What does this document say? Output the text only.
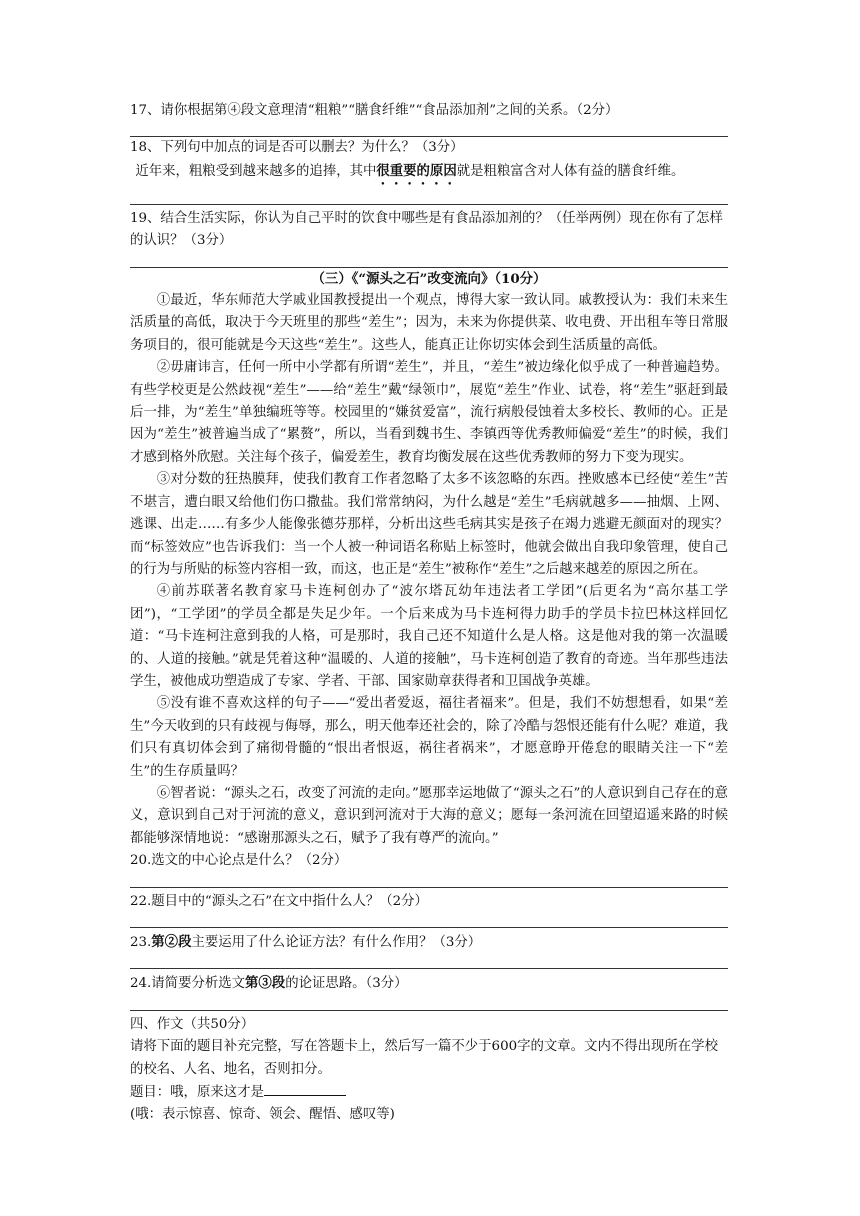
17、请你根据第④段文意理清“粗粮”“膳食纤维”“食品添加剂”之间的关系。（2分）

18、下列句中加点的词是否可以删去？为什么？（3分）

近年来，粗粮受到越来越多的追捧，其中很重要的原因就是粗粮富含对人体有益的膳食纤维。

19、结合生活实际，你认为自己平时的饮食中哪些是有食品添加剂的？（任举两例）现在你有了怎样的认识？（3分）

（三）《“源头之石”改变流向》（10分）

①最近，华东师范大学戚业国教授提出一个观点，博得大家一致认同。戚教授认为：我们未来生活质量的高低，取决于今天班里的那些“差生”；因为，未来为你提供菜、收电费、开出租车等日常服务项目的，很可能就是今天这些“差生”。这些人，能真正让你切实体会到生活质量的高低。

②毋庸讳言，任何一所中小学都有所谓“差生”，并且，“差生”被边缘化似乎成了一种普遍趋势。有些学校更是公然歧视“差生”——给“差生”戴“绿领巾”，展览“差生”作业、试卷，将“差生”驱赶到最后一排，为“差生”单独编班等等。校园里的“嫌贫爱富”，流行病般侵蚀着太多校长、教师的心。正是因为“差生”被普遍当成了“累赘”，所以，当看到魏书生、李镇西等优秀教师偏爱“差生”的时候，我们才感到格外欣慰。关注每个孩子，偏爱差生，教育均衡发展在这些优秀教师的努力下变为现实。

③对分数的狂热膜拜，使我们教育工作者忽略了太多不该忽略的东西。挫败感本已经使“差生”苦不堪言，遭白眼又给他们伤口撒盐。我们常常纳闷，为什么越是“差生”毛病就越多——抽烟、上网、逃课、出走……有多少人能像张德芬那样，分析出这些毛病其实是孩子在竭力逃避无颜面对的现实？而“标签效应”也告诉我们：当一个人被一种词语名称贴上标签时，他就会做出自我印象管理，使自己的行为与所贴的标签内容相一致，而这，也正是“差生”被称作“差生”之后越来越差的原因之所在。

④前苏联著名教育家马卡连柯创办了“波尔塔瓦幼年违法者工学团”(后更名为“高尔基工学团”)，“工学团”的学员全都是失足少年。一个后来成为马卡连柯得力助手的学员卡拉巴林这样回忆道：“马卡连柯注意到我的人格，可是那时，我自己还不知道什么是人格。这是他对我的第一次温暖的、人道的接触。”就是凭着这种“温暖的、人道的接触”，马卡连柯创造了教育的奇迹。当年那些违法学生，被他成功塑造成了专家、学者、干部、国家勋章获得者和卫国战争英雄。

⑤没有谁不喜欢这样的句子——“爱出者爱返，福往者福来”。但是，我们不妨想想看，如果“差生”今天收到的只有歧视与侮辱，那么，明天他奉还社会的，除了冷酷与怨恨还能有什么呢？难道，我们只有真切体会到了痛彻骨髓的“恨出者恨返，祸往者祸来”，才愿意睁开倦怠的眼睛关注一下“差生”的生存质量吗？

⑥智者说：“源头之石，改变了河流的走向。”愿那幸运地做了“源头之石”的人意识到自己存在的意义，意识到自己对于河流的意义，意识到河流对于大海的意义；愿每一条河流在回望迢遥来路的时候都能够深情地说：“感谢那源头之石，赋予了我有尊严的流向。”

20.选文的中心论点是什么？（2分）

22.题目中的“源头之石”在文中指什么人？（2分）

23.第②段主要运用了什么论证方法？有什么作用？（3分）

24.请简要分析选文第③段的论证思路。（3分）

四、作文（共50分）

请将下面的题目补充完整，写在答题卡上，然后写一篇不少于600字的文章。文内不得出现所在学校的校名、人名、地名，否则扣分。

题目：哦，原来这才是

(哦：表示惊喜、惊奇、领会、醒悟、感叹等)
